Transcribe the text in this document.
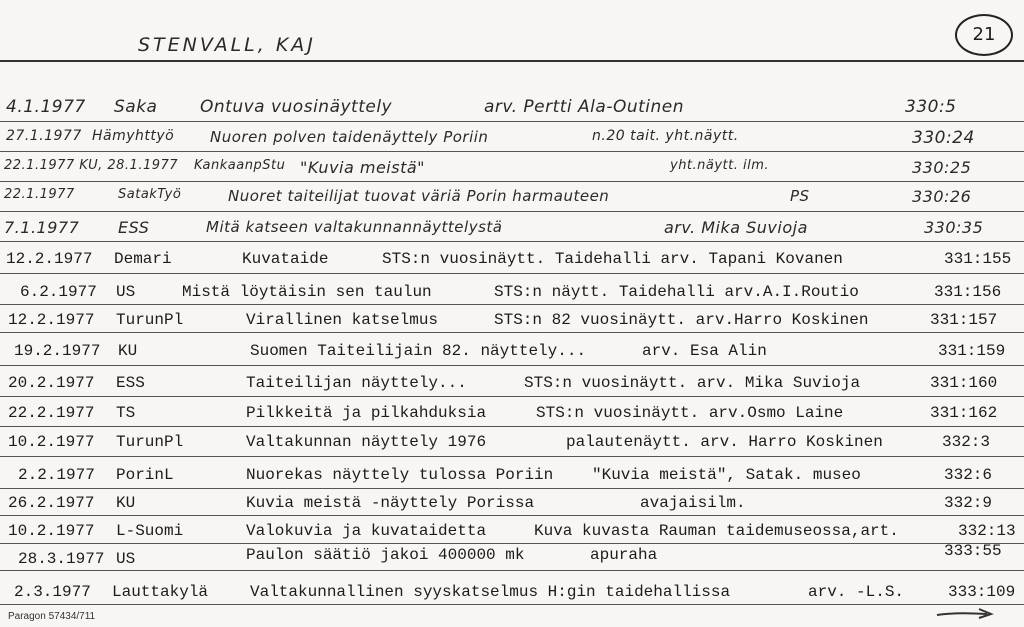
STENVALL, KAJ	21
4.1.1977 Saka	Ontuva vuosinäyttely	arv. Pertti Ala-Outinen	330:5
27.1.1977 Hämyhttyö Nuoren polven taidenäyttely Poriin	n.20 tait. yht.näytt.	330:24
22.1.1977 KU, 28.1.1977 KankaanpStu "Kuvia meistä"	yht.näytt. ilm.	330:25
22.1.1977	SatakTyö	Nuoret taiteilijat tuovat väriä Porin harmauteen	PS	330:26
7.1.1977 ESS	Mitä katseen valtakunnannäyttelystä	arv. Mika Suvioja	330:35
12.2.1977 Demari	Kuvataide	STS:n vuosinäytt. Taidehalli arv. Tapani Kovanen	331:155
6.2.1977 US	Mistä löytäisin sen taulun	STS:n näytt. Taidehalli arv.A.I.Routio	331:156
12.2.1977 TurunPl	Virallinen katselmus	STS:n 82 vuosinäytt. arv.Harro Koskinen	331:157
19.2.1977 KU	Suomen Taiteilijain 82. näyttely...	arv. Esa Alin	331:159
20.2.1977 ESS	Taiteilijan näyttely...	STS:n vuosinäytt. arv. Mika Suvioja	331:160
22.2.1977 TS	Pilkkeitä ja pilkahduksia	STS:n vuosinäytt. arv.Osmo Laine	331:162
10.2.1977 TurunPl	Valtakunnan näyttely 1976	palautenäytt. arv. Harro Koskinen	332:3
2.2.1977 PorinL	Nuorekas näyttely tulossa Poriin "Kuvia meistä", Satak. museo	332:6
26.2.1977 KU	Kuvia meistä -näyttely Porissa	avajaisilm.	332:9
10.2.1977 L-Suomi	Valokuvia ja kuvataidetta	Kuva kuvasta Rauman taidemuseossa,art.	332:13
28.3.1977 US	Paulon säätiö jakoi 400000 mk	apuraha	333:55
2.3.1977 Lauttakylä	Valtakunnallinen syyskatselmus H:gin taidehallissa	arv. -L.S.	333:109
Paragon 57434/711
